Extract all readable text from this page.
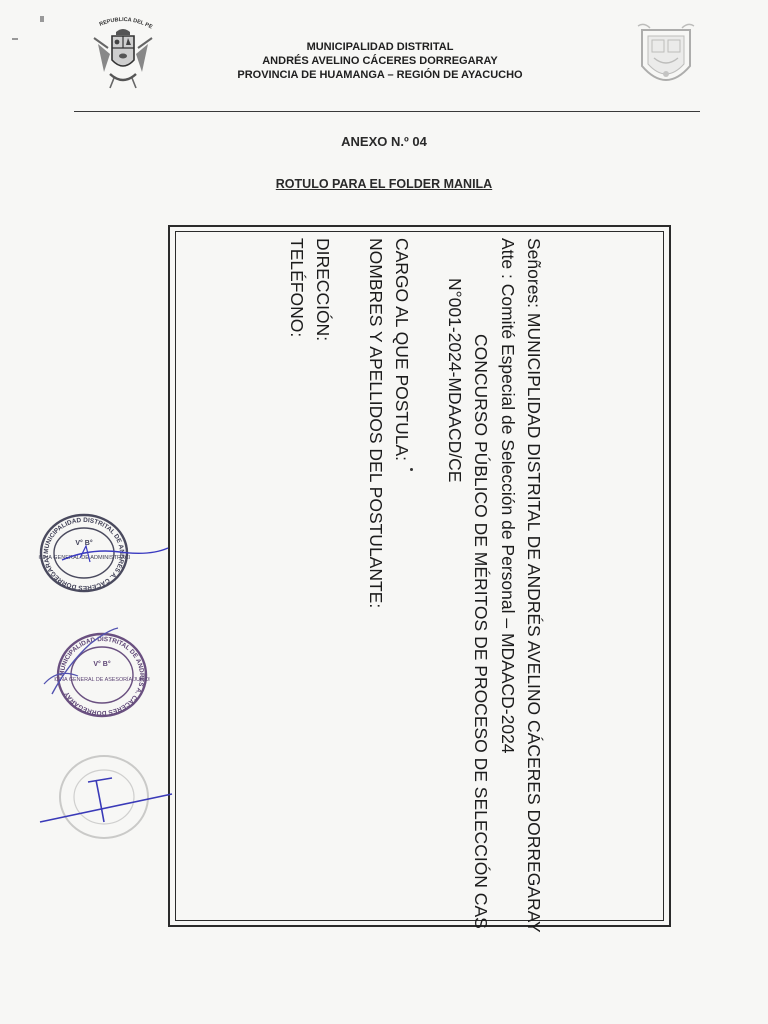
REPUBLICA DEL PE
MUNICIPALIDAD DISTRITAL
ANDRÉS AVELINO CÁCERES DORREGARAY
PROVINCIA DE HUAMANGA – REGIÓN DE AYACUCHO
ANEXO N.º 04
ROTULO PARA EL FOLDER MANILA
Señores: MUNICIPLIDAD DISTRITAL DE ANDRÉS AVELINO CÁCERES DORREGARAY
Atte : Comité Especial de Selección de Personal – MDAACD-2024
CONCURSO PÚBLICO DE MÉRITOS DE PROCESO DE SELECCIÓN CAS
N°001-2024-MDAACD/CE
CARGO AL QUE POSTULA:
NOMBRES Y APELLIDOS DEL POSTULANTE:
DIRECCIÓN:
TELÉFONO:
MUNICIPALIDAD DISTRITAL DE ANDRÉS A. CÁCERES DORREGARAY
V° B°
CINA GENERAL DE ADMINISTRACI
MUNICIPALIDAD DISTRITAL DE ANDRÉS A. CÁCERES DORREGARAY
V° B°
CINA GENERAL DE ASESORÍA JURÍDI
